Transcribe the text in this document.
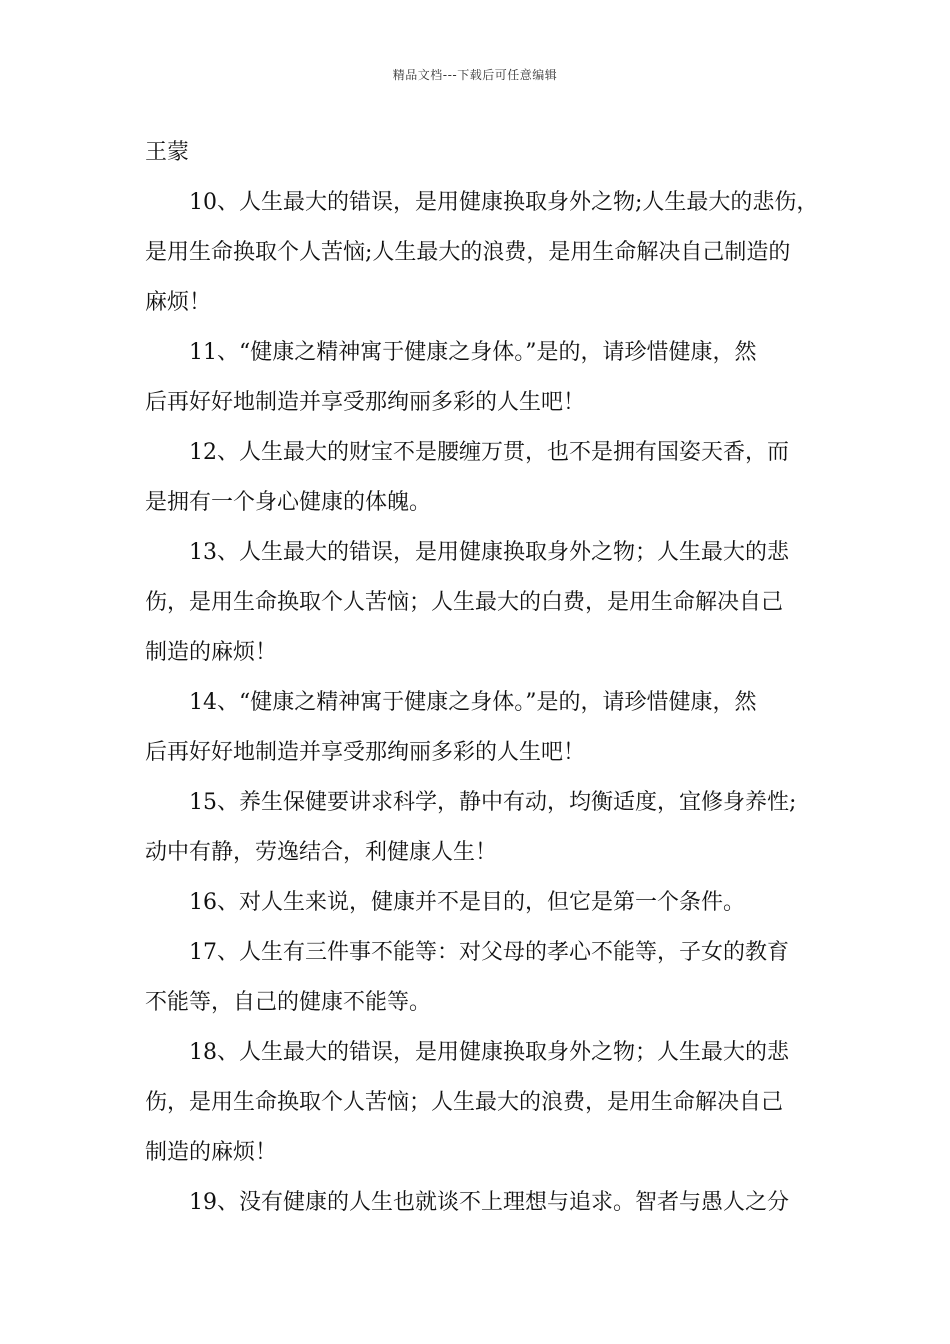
精品文档---下载后可任意编辑
王蒙
10、人生最大的错误，是用健康换取身外之物;人生最大的悲伤，
是用生命换取个人苦恼;人生最大的浪费，是用生命解决自己制造的
麻烦！
11、“健康之精神寓于健康之身体。”是的，请珍惜健康，然
后再好好地制造并享受那绚丽多彩的人生吧！
12、人生最大的财宝不是腰缠万贯，也不是拥有国姿天香，而
是拥有一个身心健康的体魄。
13、人生最大的错误，是用健康换取身外之物；人生最大的悲
伤，是用生命换取个人苦恼；人生最大的白费，是用生命解决自己
制造的麻烦！
14、“健康之精神寓于健康之身体。”是的，请珍惜健康，然
后再好好地制造并享受那绚丽多彩的人生吧！
15、养生保健要讲求科学，静中有动，均衡适度，宜修身养性;
动中有静，劳逸结合，利健康人生！
16、对人生来说，健康并不是目的，但它是第一个条件。
17、人生有三件事不能等：对父母的孝心不能等，子女的教育
不能等，自己的健康不能等。
18、人生最大的错误，是用健康换取身外之物；人生最大的悲
伤，是用生命换取个人苦恼；人生最大的浪费，是用生命解决自己
制造的麻烦！
19、没有健康的人生也就谈不上理想与追求。智者与愚人之分
